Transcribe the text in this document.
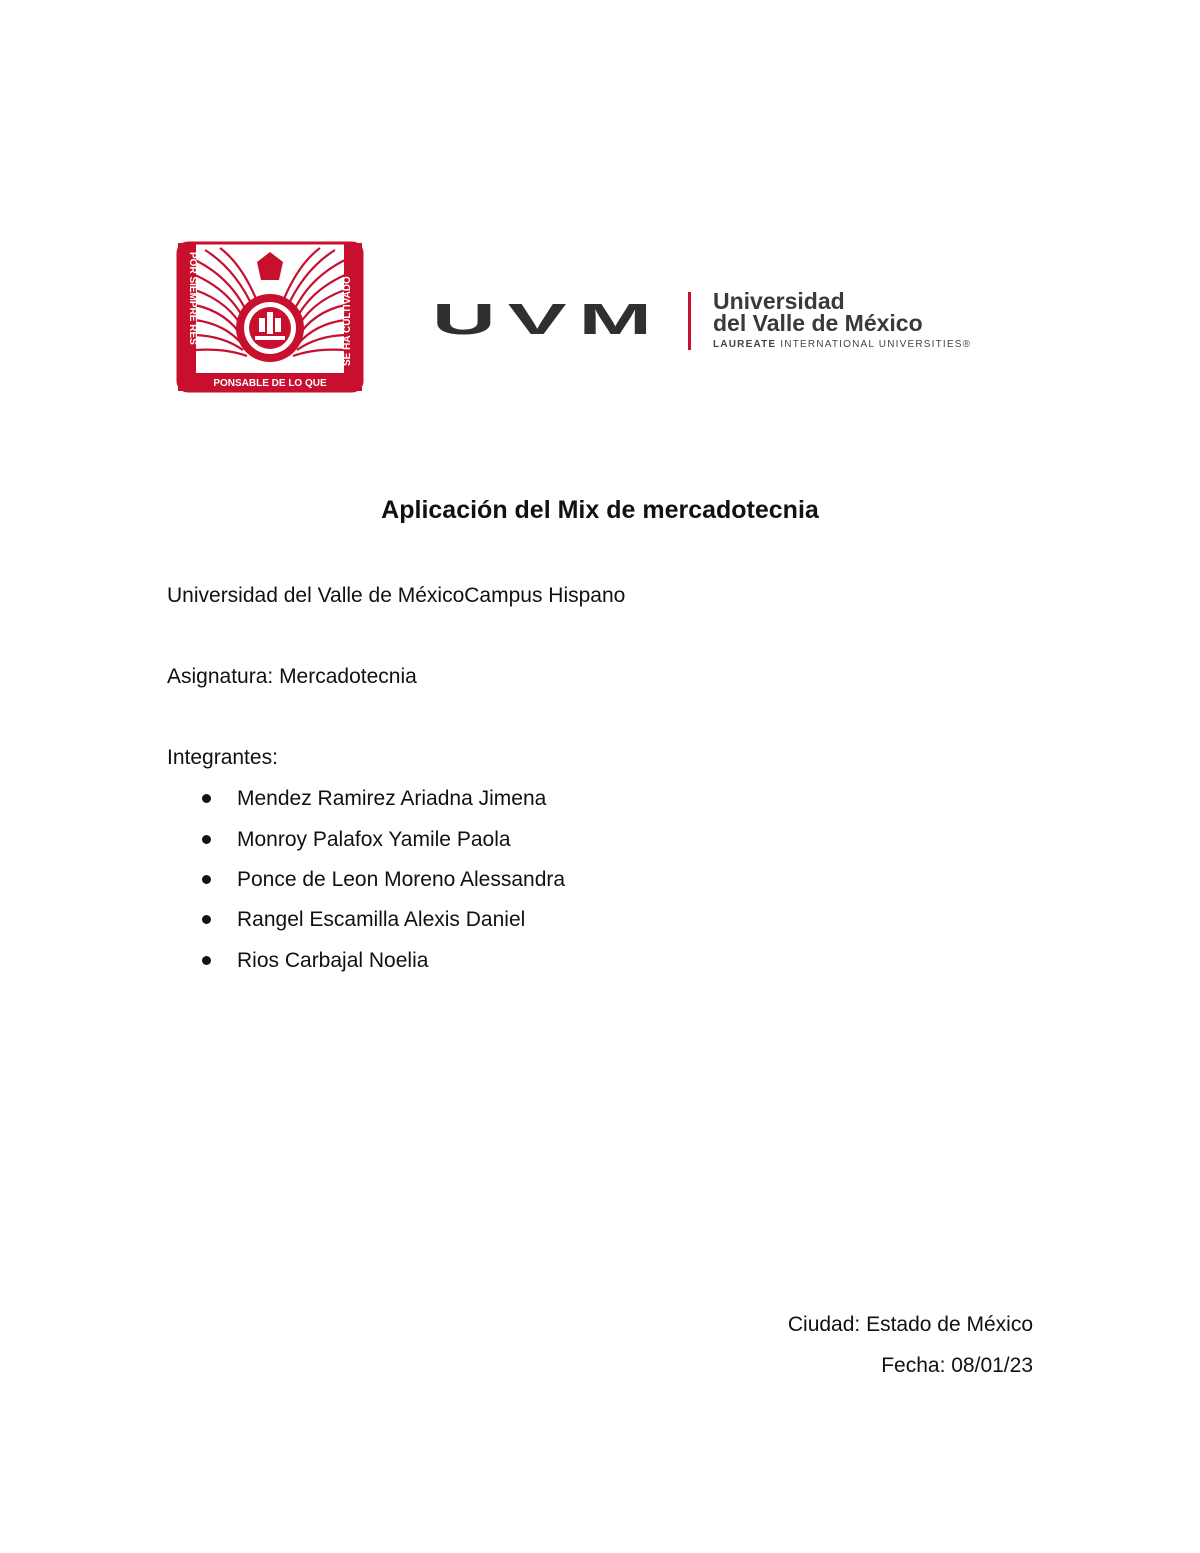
POR SIEMPRE RES	SE HA CULTIVADO
PONSABLE DE LO QUE
UVM Universidad
del Valle de México
LAUREATE INTERNATIONAL UNIVERSITIES®
Aplicación del Mix de mercadotecnia
Universidad del Valle de MéxicoCampus Hispano
Asignatura: Mercadotecnia
Integrantes:
Mendez Ramirez Ariadna Jimena
Monroy Palafox Yamile Paola
Ponce de Leon Moreno Alessandra
Rangel Escamilla Alexis Daniel
Rios Carbajal Noelia
Ciudad: Estado de México
Fecha: 08/01/23
